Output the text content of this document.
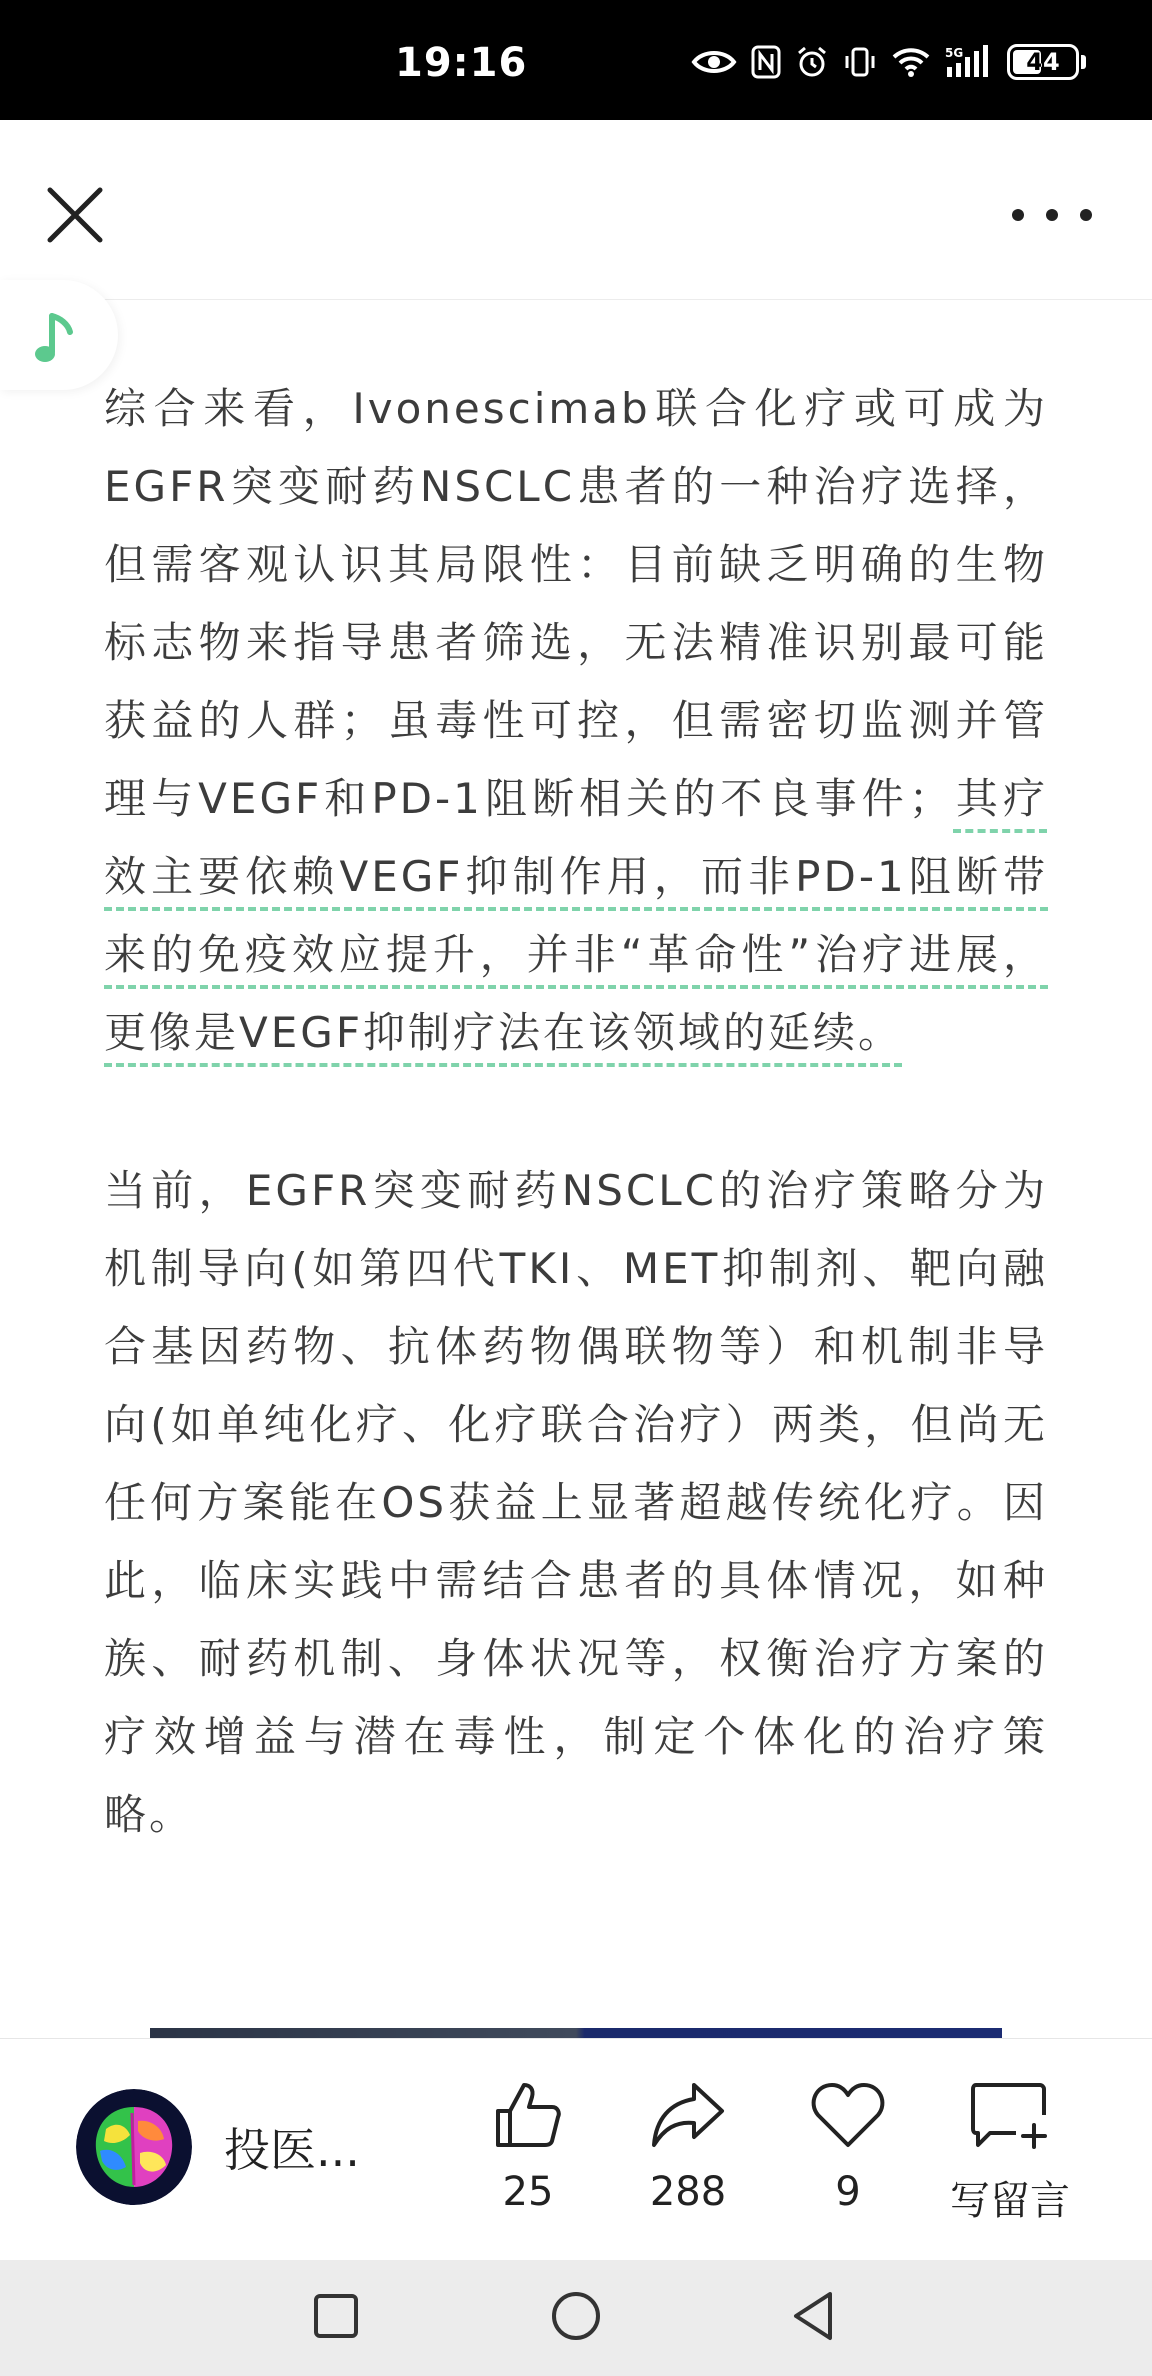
19:16	5G	44

综合来看，Ivonescimab联合化疗或可成为EGFR突变耐药NSCLC患者的一种治疗选择，但需客观认识其局限性：目前缺乏明确的生物标志物来指导患者筛选，无法精准识别最可能获益的人群；虽毒性可控，但需密切监测并管理与VEGF和PD-1阻断相关的不良事件；其疗效主要依赖VEGF抑制作用，而非PD-1阻断带来的免疫效应提升，并非“革命性”治疗进展，更像是VEGF抑制疗法在该领域的延续。

当前，EGFR突变耐药NSCLC的治疗策略分为机制导向(如第四代TKI、MET抑制剂、靶向融合基因药物、抗体药物偶联物等）和机制非导向(如单纯化疗、化疗联合治疗）两类，但尚无任何方案能在OS获益上显著超越传统化疗。因此，临床实践中需结合患者的具体情况，如种族、耐药机制、身体状况等，权衡治疗方案的疗效增益与潜在毒性，制定个体化的治疗策略。

投医...
25	288	9	写留言
